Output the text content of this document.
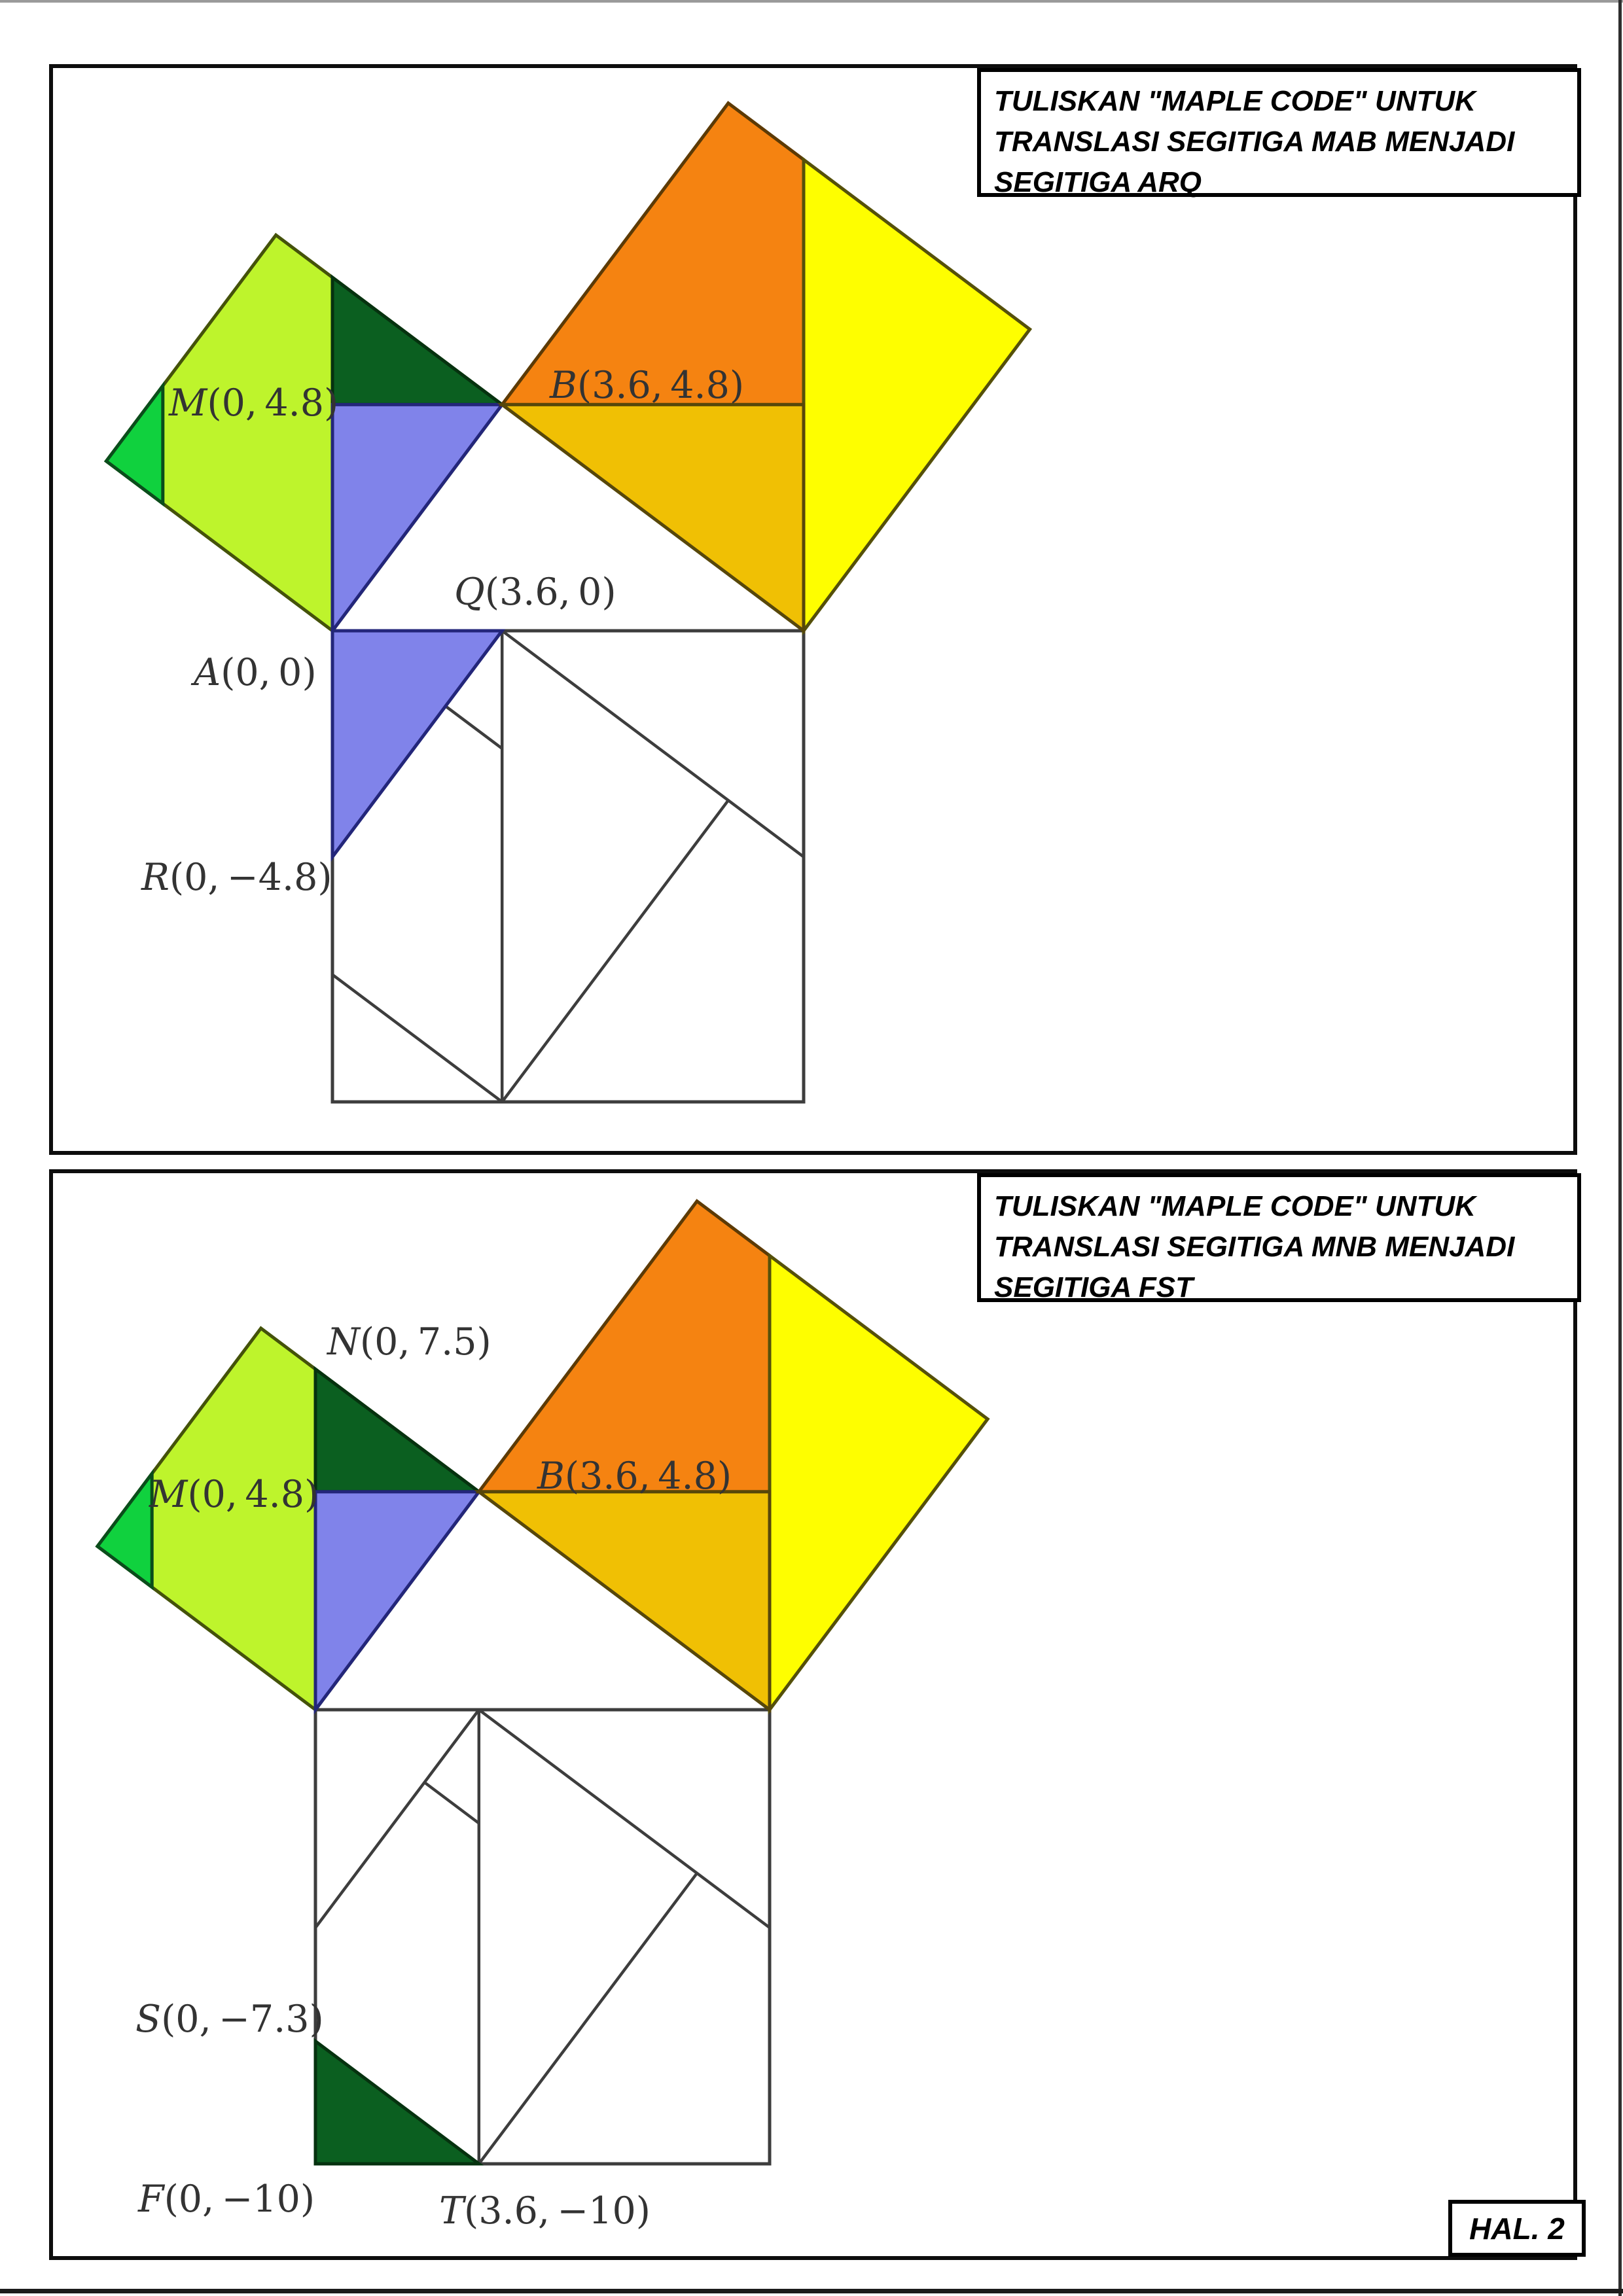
M(0, 4.8)	B(3.6, 4.8)
Q(3.6, 0)
A(0, 0)
R(0, −4.8)
TULISKAN "MAPLE CODE" UNTUK
TRANSLASI SEGITIGA MAB MENJADI
SEGITIGA ARQ
N(0, 7.5)
M(0, 4.8)	B(3.6, 4.8)
S(0, −7.3)
F(0, −10)	T(3.6, −10)
TULISKAN "MAPLE CODE" UNTUK
TRANSLASI SEGITIGA MNB MENJADI
SEGITIGA FST
HAL. 2
